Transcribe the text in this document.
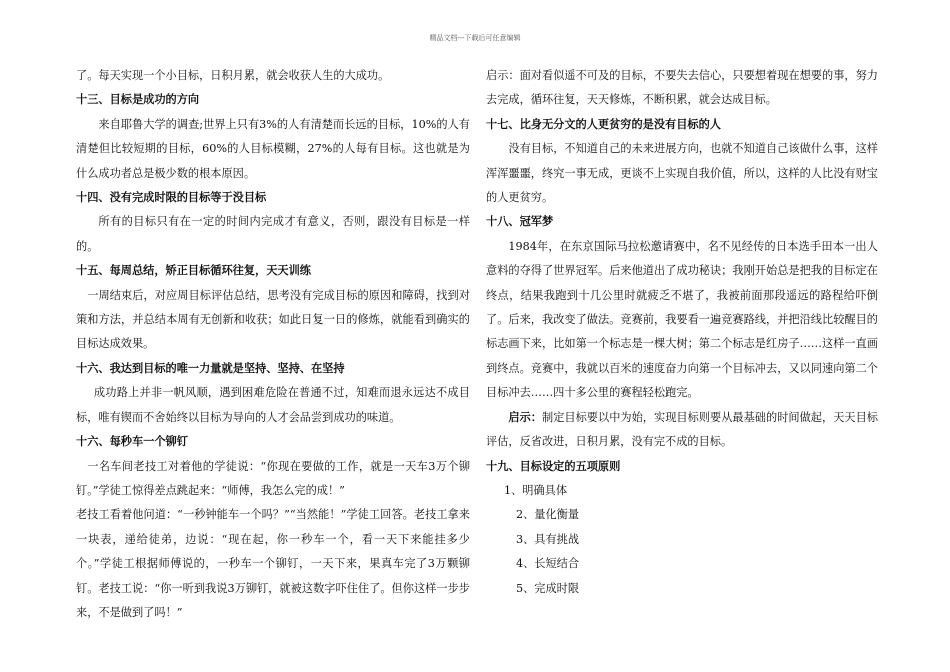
精品文档---下载后可任意编辑

了。每天实现一个小目标，日积月累，就会收获人生的大成功。

十三、目标是成功的方向

来自耶鲁大学的调查;世界上只有3%的人有清楚而长远的目标，10%的人有清楚但比较短期的目标，60%的人目标模糊，27%的人每有目标。这也就是为什么成功者总是极少数的根本原因。

十四、没有完成时限的目标等于没目标

所有的目标只有在一定的时间内完成才有意义，否则，跟没有目标是一样的。

十五、每周总结，矫正目标循环往复，天天训练

一周结束后，对应周目标评估总结，思考没有完成目标的原因和障碍，找到对策和方法，并总结本周有无创新和收获；如此日复一日的修炼，就能看到确实的目标达成效果。

十六、我达到目标的唯一力量就是坚持、坚持、在坚持

成功路上并非一帆风顺，遇到困难危险在普通不过，知难而退永远达不成目标，唯有锲而不舍始终以目标为导向的人才会品尝到成功的味道。

十六、每秒车一个铆钉

一名车间老技工对着他的学徒说：“你现在要做的工作，就是一天车3万个铆钉。”学徒工惊得差点跳起来：“师傅，我怎么完的成！”

老技工看着他问道：“一秒钟能车一个吗？”“当然能！”学徒工回答。老技工拿来一块表，递给徒弟，边说：“现在起，你一秒车一个，看一天下来能挂多少个。”学徒工根据师傅说的，一秒车一个铆钉，一天下来，果真车完了3万颗铆钉。老技工说：“你一听到我说3万铆钉，就被这数字吓住住了。但你这样一步步来，不是做到了吗！”

启示：面对看似遥不可及的目标，不要失去信心，只要想着现在想要的事，努力去完成，循环往复，天天修炼，不断积累，就会达成目标。

十七、比身无分文的人更贫穷的是没有目标的人

没有目标，不知道自己的未来进展方向，也就不知道自己该做什么事，这样浑浑噩噩，终究一事无成，更谈不上实现自我价值，所以，这样的人比没有财宝的人更贫穷。

十八、冠军梦

1984年，在东京国际马拉松邀请赛中，名不见经传的日本选手田本一出人意料的夺得了世界冠军。后来他道出了成功秘诀；我刚开始总是把我的目标定在终点，结果我跑到十几公里时就疲乏不堪了，我被前面那段遥远的路程给吓倒了。后来，我改变了做法。竞赛前，我要看一遍竞赛路线，并把沿线比较醒目的标志画下来，比如第一个标志是一棵大树；第二个标志是红房子……这样一直画到终点。竞赛中，我就以百米的速度奋力向第一个目标冲去，又以同速向第二个目标冲去……四十多公里的赛程轻松跑完。

启示：制定目标要以中为始，实现目标则要从最基础的时间做起，天天目标评估，反省改进，日积月累，没有完不成的目标。

十九、目标设定的五项原则

1、明确具体

2、量化衡量

3、具有挑战

4、长短结合

5、完成时限
